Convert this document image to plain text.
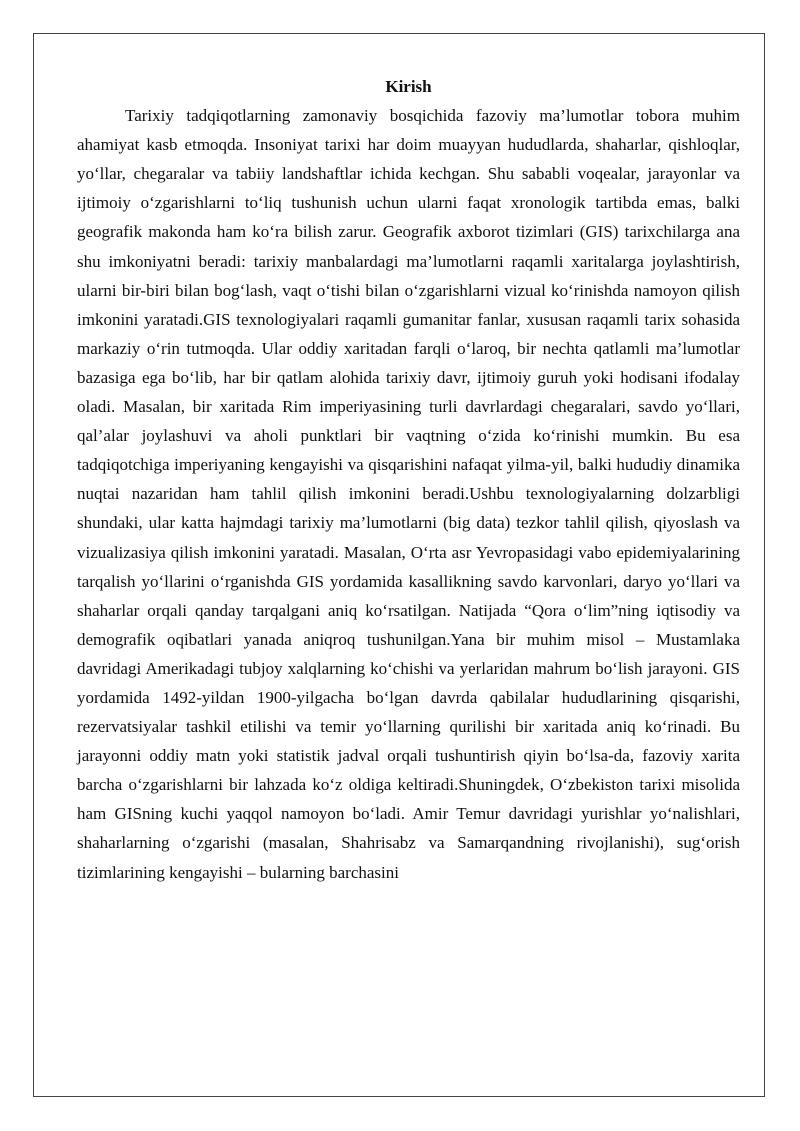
Kirish

Tarixiy tadqiqotlarning zamonaviy bosqichida fazoviy ma’lumotlar tobora muhim ahamiyat kasb etmoqda. Insoniyat tarixi har doim muayyan hududlarda, shaharlar, qishloqlar, yo‘llar, chegaralar va tabiiy landshaftlar ichida kechgan. Shu sababli voqealar, jarayonlar va ijtimoiy o‘zgarishlarni to‘liq tushunish uchun ularni faqat xronologik tartibda emas, balki geografik makonda ham ko‘ra bilish zarur. Geografik axborot tizimlari (GIS) tarixchilarga ana shu imkoniyatni beradi: tarixiy manbalardagi ma’lumotlarni raqamli xaritalarga joylashtirish, ularni bir-biri bilan bog‘lash, vaqt o‘tishi bilan o‘zgarishlarni vizual ko‘rinishda namoyon qilish imkonini yaratadi.GIS texnologiyalari raqamli gumanitar fanlar, xususan raqamli tarix sohasida markaziy o‘rin tutmoqda. Ular oddiy xaritadan farqli o‘laroq, bir nechta qatlamli ma’lumotlar bazasiga ega bo‘lib, har bir qatlam alohida tarixiy davr, ijtimoiy guruh yoki hodisani ifodalay oladi. Masalan, bir xaritada Rim imperiyasining turli davrlardagi chegaralari, savdo yo‘llari, qal’alar joylashuvi va aholi punktlari bir vaqtning o‘zida ko‘rinishi mumkin. Bu esa tadqiqotchiga imperiyaning kengayishi va qisqarishini nafaqat yilma-yil, balki hududiy dinamika nuqtai nazaridan ham tahlil qilish imkonini beradi.Ushbu texnologiyalarning dolzarbligi shundaki, ular katta hajmdagi tarixiy ma’lumotlarni (big data) tezkor tahlil qilish, qiyoslash va vizualizasiya qilish imkonini yaratadi. Masalan, O‘rta asr Yevropasidagi vabo epidemiyalarining tarqalish yo‘llarini o‘rganishda GIS yordamida kasallikning savdo karvonlari, daryo yo‘llari va shaharlar orqali qanday tarqalgani aniq ko‘rsatilgan. Natijada “Qora o‘lim”ning iqtisodiy va demografik oqibatlari yanada aniqroq tushunilgan.Yana bir muhim misol – Mustamlaka davridagi Amerikadagi tubjoy xalqlarning ko‘chishi va yerlaridan mahrum bo‘lish jarayoni. GIS yordamida 1492-yildan 1900-yilgacha bo‘lgan davrda qabilalar hududlarining qisqarishi, rezervatsiyalar tashkil etilishi va temir yo‘llarning qurilishi bir xaritada aniq ko‘rinadi. Bu jarayonni oddiy matn yoki statistik jadval orqali tushuntirish qiyin bo‘lsa-da, fazoviy xarita barcha o‘zgarishlarni bir lahzada ko‘z oldiga keltiradi.Shuningdek, O‘zbekiston tarixi misolida ham GISning kuchi yaqqol namoyon bo‘ladi. Amir Temur davridagi yurishlar yo‘nalishlari, shaharlarning o‘zgarishi (masalan, Shahrisabz va Samarqandning rivojlanishi), sug‘orish tizimlarining kengayishi – bularning barchasini
